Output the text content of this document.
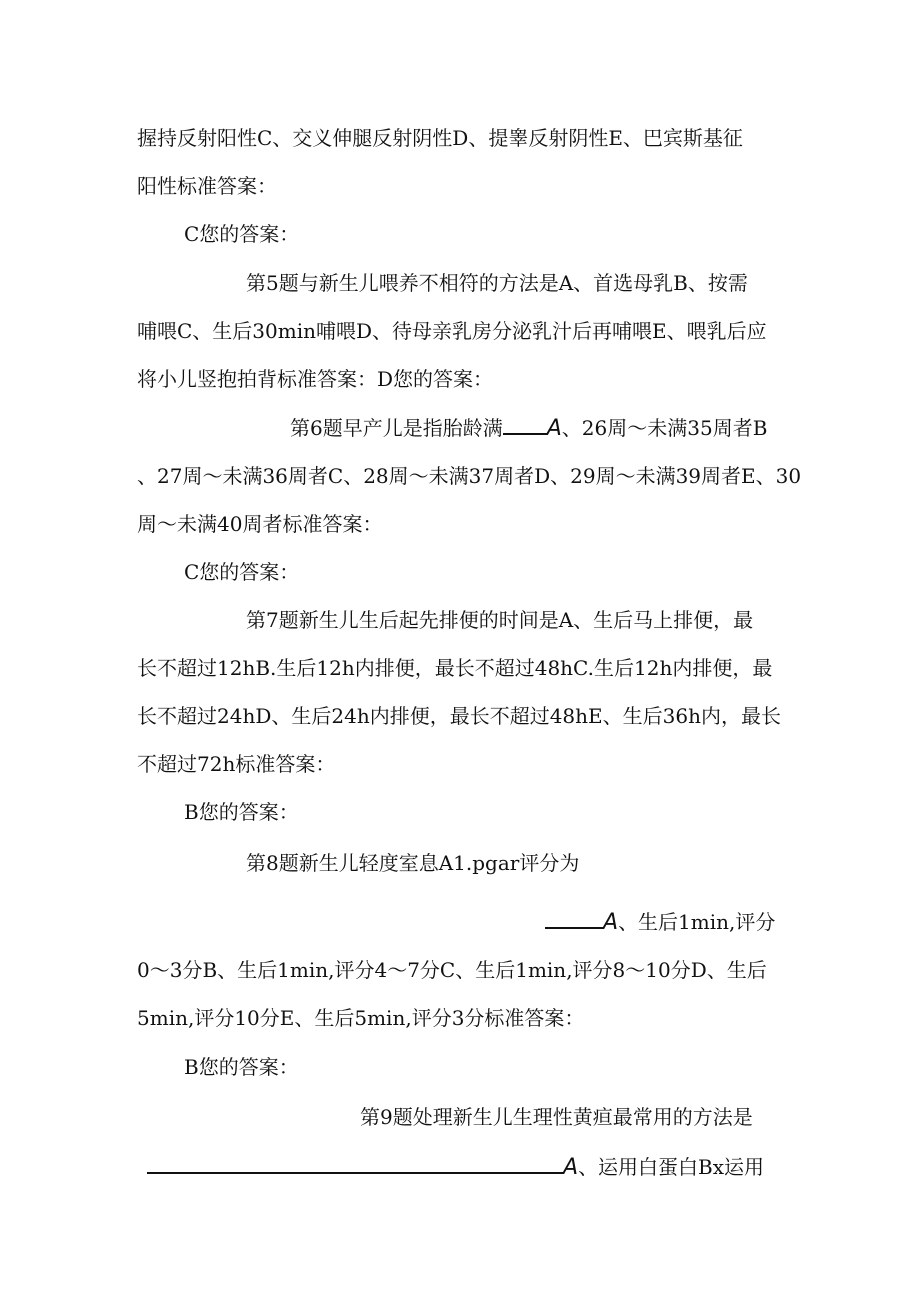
握持反射阳性C、交义伸腿反射阴性D、提睾反射阴性E、巴宾斯基征
阳性标准答案：
C您的答案：
第5题与新生儿喂养不相符的方法是A、首选母乳B、按需
哺喂C、生后30min哺喂D、待母亲乳房分泌乳汁后再哺喂E、喂乳后应
将小儿竖抱拍背标准答案：D您的答案：
第6题早产儿是指胎龄满 A、26周～未满35周者B
、27周～未满36周者C、28周～未满37周者D、29周～未满39周者E、30
周～未满40周者标准答案：
C您的答案：
第7题新生儿生后起先排便的时间是A、生后马上排便，最
长不超过12hB.生后12h内排便，最长不超过48hC.生后12h内排便，最
长不超过24hD、生后24h内排便，最长不超过48hE、生后36h内，最长
不超过72h标准答案：
B您的答案：
第8题新生儿轻度室息A1.pgar评分为
A、生后1min,评分
0～3分B、生后1min,评分4～7分C、生后1min,评分8～10分D、生后
5min,评分10分E、生后5min,评分3分标准答案：
B您的答案：
第9题处理新生儿生理性黄疸最常用的方法是
A、运用白蛋白Bx运用
